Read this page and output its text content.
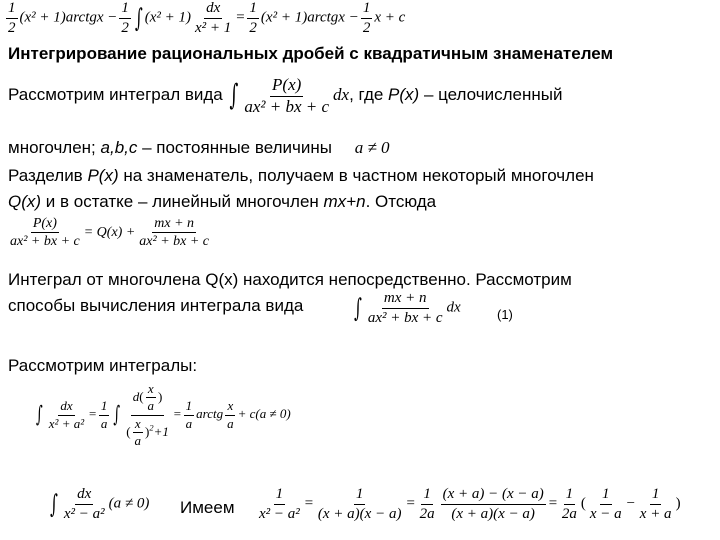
$\frac{1}{2} (x^2$ + 1)arctgx − $\frac{1}{2}$ ∫ $(x^2 + 1) \frac{dx}{\text{x² + 1}} = \frac{1}{2} (x^2$ + 1)arctgx − $\frac{1}{2}$ x + c
Интегрирование рациональных дробей с квадратичным знаменателем
Рассмотрим интеграл вида ∫ $\frac{P(x)}{\text{ax² + bx + c}}$ dx, где P(x) – целочисленный
многочлен; a,b,c – постоянные величины a ≠ 0
Разделив P(x) на знаменатель, получаем в частном некоторый многочлен
Q(x) и в остатке – линейный многочлен mx+n. Отсюда
$\frac{P(x)}{\text{ax² + bx + c}} = Q(x) + \frac{mx + n}{\text{ax² + bx + c}}$
Интеграл от многочлена Q(x) находится непосредственно. Рассмотрим
способы вычисления интеграла вида	∫ $\frac{mx + n}{\text{ax² + bx + c}}$ dx	(1)
Рассмотрим интегралы:
∫ $\frac{dx}{\text{x² + a²}} = \frac{1}{a}$ ∫ $\frac{d( \frac{x}{a} )}{( \frac{x}{a} )^2+1} = \frac{1}{a}$ arctg $\frac{x}{a} + c(a \ne 0)$
∫ $\frac{dx}{\text{x² − a²}} (a \ne 0)$ Имеем $\frac{1}{\text{x² − a²}} = \frac{1}{(x + a)(x - a)} = \frac{1}{2a} \frac{(x + a) - (x - a)}{(x + a)(x - a)} = \frac{1}{2a}$ ( $\frac{1}{x - a} - \frac{1}{x + a}$ )
